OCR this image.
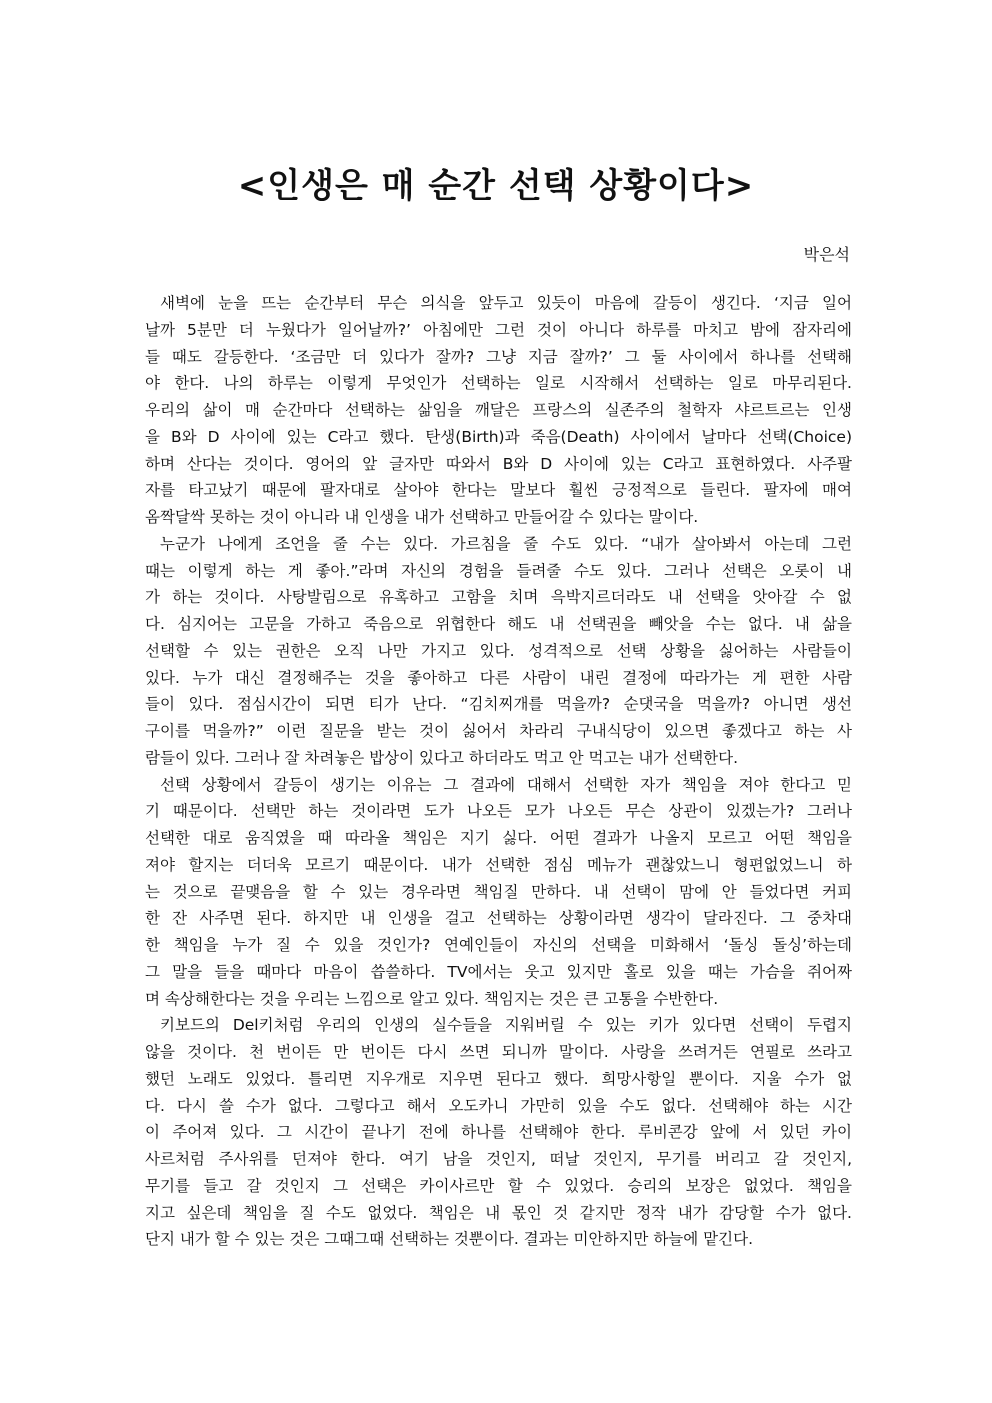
<인생은 매 순간 선택 상황이다>
박은석
새벽에 눈을 뜨는 순간부터 무슨 의식을 앞두고 있듯이 마음에 갈등이 생긴다. ‘지금 일어
날까 5분만 더 누웠다가 일어날까?’ 아침에만 그런 것이 아니다 하루를 마치고 밤에 잠자리에
들 때도 갈등한다. ‘조금만 더 있다가 잘까? 그냥 지금 잘까?’ 그 둘 사이에서 하나를 선택해
야 한다. 나의 하루는 이렇게 무엇인가 선택하는 일로 시작해서 선택하는 일로 마무리된다.
우리의 삶이 매 순간마다 선택하는 삶임을 깨달은 프랑스의 실존주의 철학자 샤르트르는 인생
을 B와 D 사이에 있는 C라고 했다. 탄생(Birth)과 죽음(Death) 사이에서 날마다 선택(Choice)
하며 산다는 것이다. 영어의 앞 글자만 따와서 B와 D 사이에 있는 C라고 표현하였다. 사주팔
자를 타고났기 때문에 팔자대로 살아야 한다는 말보다 훨씬 긍정적으로 들린다. 팔자에 매여
옴짝달싹 못하는 것이 아니라 내 인생을 내가 선택하고 만들어갈 수 있다는 말이다.
누군가 나에게 조언을 줄 수는 있다. 가르침을 줄 수도 있다. “내가 살아봐서 아는데 그런
때는 이렇게 하는 게 좋아.”라며 자신의 경험을 들려줄 수도 있다. 그러나 선택은 오롯이 내
가 하는 것이다. 사탕발림으로 유혹하고 고함을 치며 윽박지르더라도 내 선택을 앗아갈 수 없
다. 심지어는 고문을 가하고 죽음으로 위협한다 해도 내 선택권을 빼앗을 수는 없다. 내 삶을
선택할 수 있는 권한은 오직 나만 가지고 있다. 성격적으로 선택 상황을 싫어하는 사람들이
있다. 누가 대신 결정해주는 것을 좋아하고 다른 사람이 내린 결정에 따라가는 게 편한 사람
들이 있다. 점심시간이 되면 티가 난다. “김치찌개를 먹을까? 순댓국을 먹을까? 아니면 생선
구이를 먹을까?” 이런 질문을 받는 것이 싫어서 차라리 구내식당이 있으면 좋겠다고 하는 사
람들이 있다. 그러나 잘 차려놓은 밥상이 있다고 하더라도 먹고 안 먹고는 내가 선택한다.
선택 상황에서 갈등이 생기는 이유는 그 결과에 대해서 선택한 자가 책임을 져야 한다고 믿
기 때문이다. 선택만 하는 것이라면 도가 나오든 모가 나오든 무슨 상관이 있겠는가? 그러나
선택한 대로 움직였을 때 따라올 책임은 지기 싫다. 어떤 결과가 나올지 모르고 어떤 책임을
져야 할지는 더더욱 모르기 때문이다. 내가 선택한 점심 메뉴가 괜찮았느니 형편없었느니 하
는 것으로 끝맺음을 할 수 있는 경우라면 책임질 만하다. 내 선택이 맘에 안 들었다면 커피
한 잔 사주면 된다. 하지만 내 인생을 걸고 선택하는 상황이라면 생각이 달라진다. 그 중차대
한 책임을 누가 질 수 있을 것인가? 연예인들이 자신의 선택을 미화해서 ‘돌싱 돌싱’하는데
그 말을 들을 때마다 마음이 씁쓸하다. TV에서는 웃고 있지만 홀로 있을 때는 가슴을 쥐어짜
며 속상해한다는 것을 우리는 느낌으로 알고 있다. 책임지는 것은 큰 고통을 수반한다.
키보드의 Del키처럼 우리의 인생의 실수들을 지워버릴 수 있는 키가 있다면 선택이 두렵지
않을 것이다. 천 번이든 만 번이든 다시 쓰면 되니까 말이다. 사랑을 쓰려거든 연필로 쓰라고
했던 노래도 있었다. 틀리면 지우개로 지우면 된다고 했다. 희망사항일 뿐이다. 지울 수가 없
다. 다시 쓸 수가 없다. 그렇다고 해서 오도카니 가만히 있을 수도 없다. 선택해야 하는 시간
이 주어져 있다. 그 시간이 끝나기 전에 하나를 선택해야 한다. 루비콘강 앞에 서 있던 카이
사르처럼 주사위를 던져야 한다. 여기 남을 것인지, 떠날 것인지, 무기를 버리고 갈 것인지,
무기를 들고 갈 것인지 그 선택은 카이사르만 할 수 있었다. 승리의 보장은 없었다. 책임을
지고 싶은데 책임을 질 수도 없었다. 책임은 내 몫인 것 같지만 정작 내가 감당할 수가 없다.
단지 내가 할 수 있는 것은 그때그때 선택하는 것뿐이다. 결과는 미안하지만 하늘에 맡긴다.
